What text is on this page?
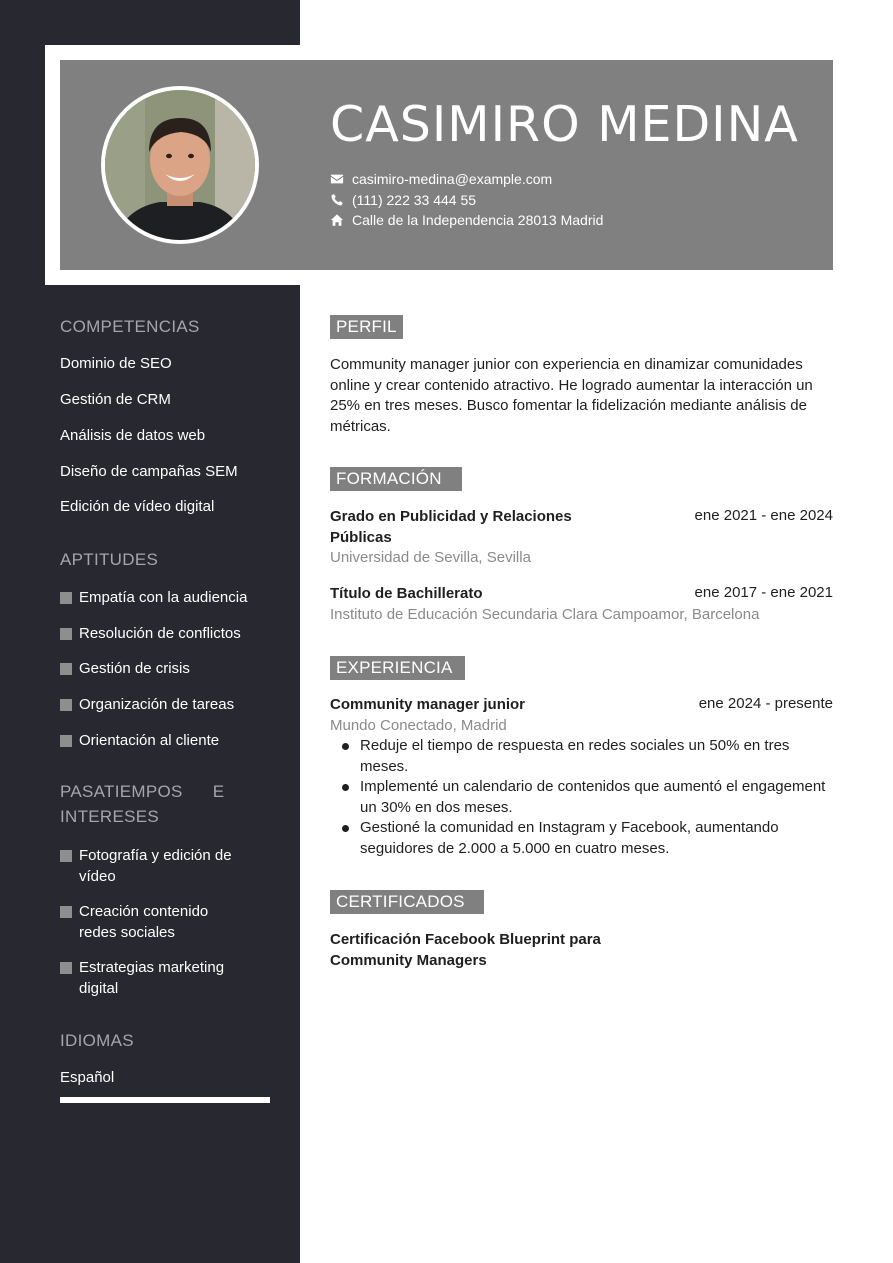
CASIMIRO MEDINA
casimiro-medina@example.com
(111) 222 33 444 55
Calle de la Independencia 28013 Madrid
COMPETENCIAS
Dominio de SEO
Gestión de CRM
Análisis de datos web
Diseño de campañas SEM
Edición de vídeo digital
APTITUDES
Empatía con la audiencia
Resolución de conflictos
Gestión de crisis
Organización de tareas
Orientación al cliente
PASATIEMPOS      E
INTERESES
Fotografía y edición de vídeo
Creación contenido redes sociales
Estrategias marketing digital
IDIOMAS
Español
PERFIL
Community manager junior con experiencia en dinamizar comunidades online y crear contenido atractivo. He logrado aumentar la interacción un 25% en tres meses. Busco fomentar la fidelización mediante análisis de métricas.
FORMACIÓN
Grado en Publicidad y Relaciones Públicas
ene 2021 - ene 2024
Universidad de Sevilla, Sevilla
Título de Bachillerato	ene 2017 - ene 2021
Instituto de Educación Secundaria Clara Campoamor, Barcelona
EXPERIENCIA
Community manager junior	ene 2024 - presente
Mundo Conectado, Madrid
Reduje el tiempo de respuesta en redes sociales un 50% en tres meses.
Implementé un calendario de contenidos que aumentó el engagement un 30% en dos meses.
Gestioné la comunidad en Instagram y Facebook, aumentando seguidores de 2.000 a 5.000 en cuatro meses.
CERTIFICADOS
Certificación Facebook Blueprint para Community Managers
